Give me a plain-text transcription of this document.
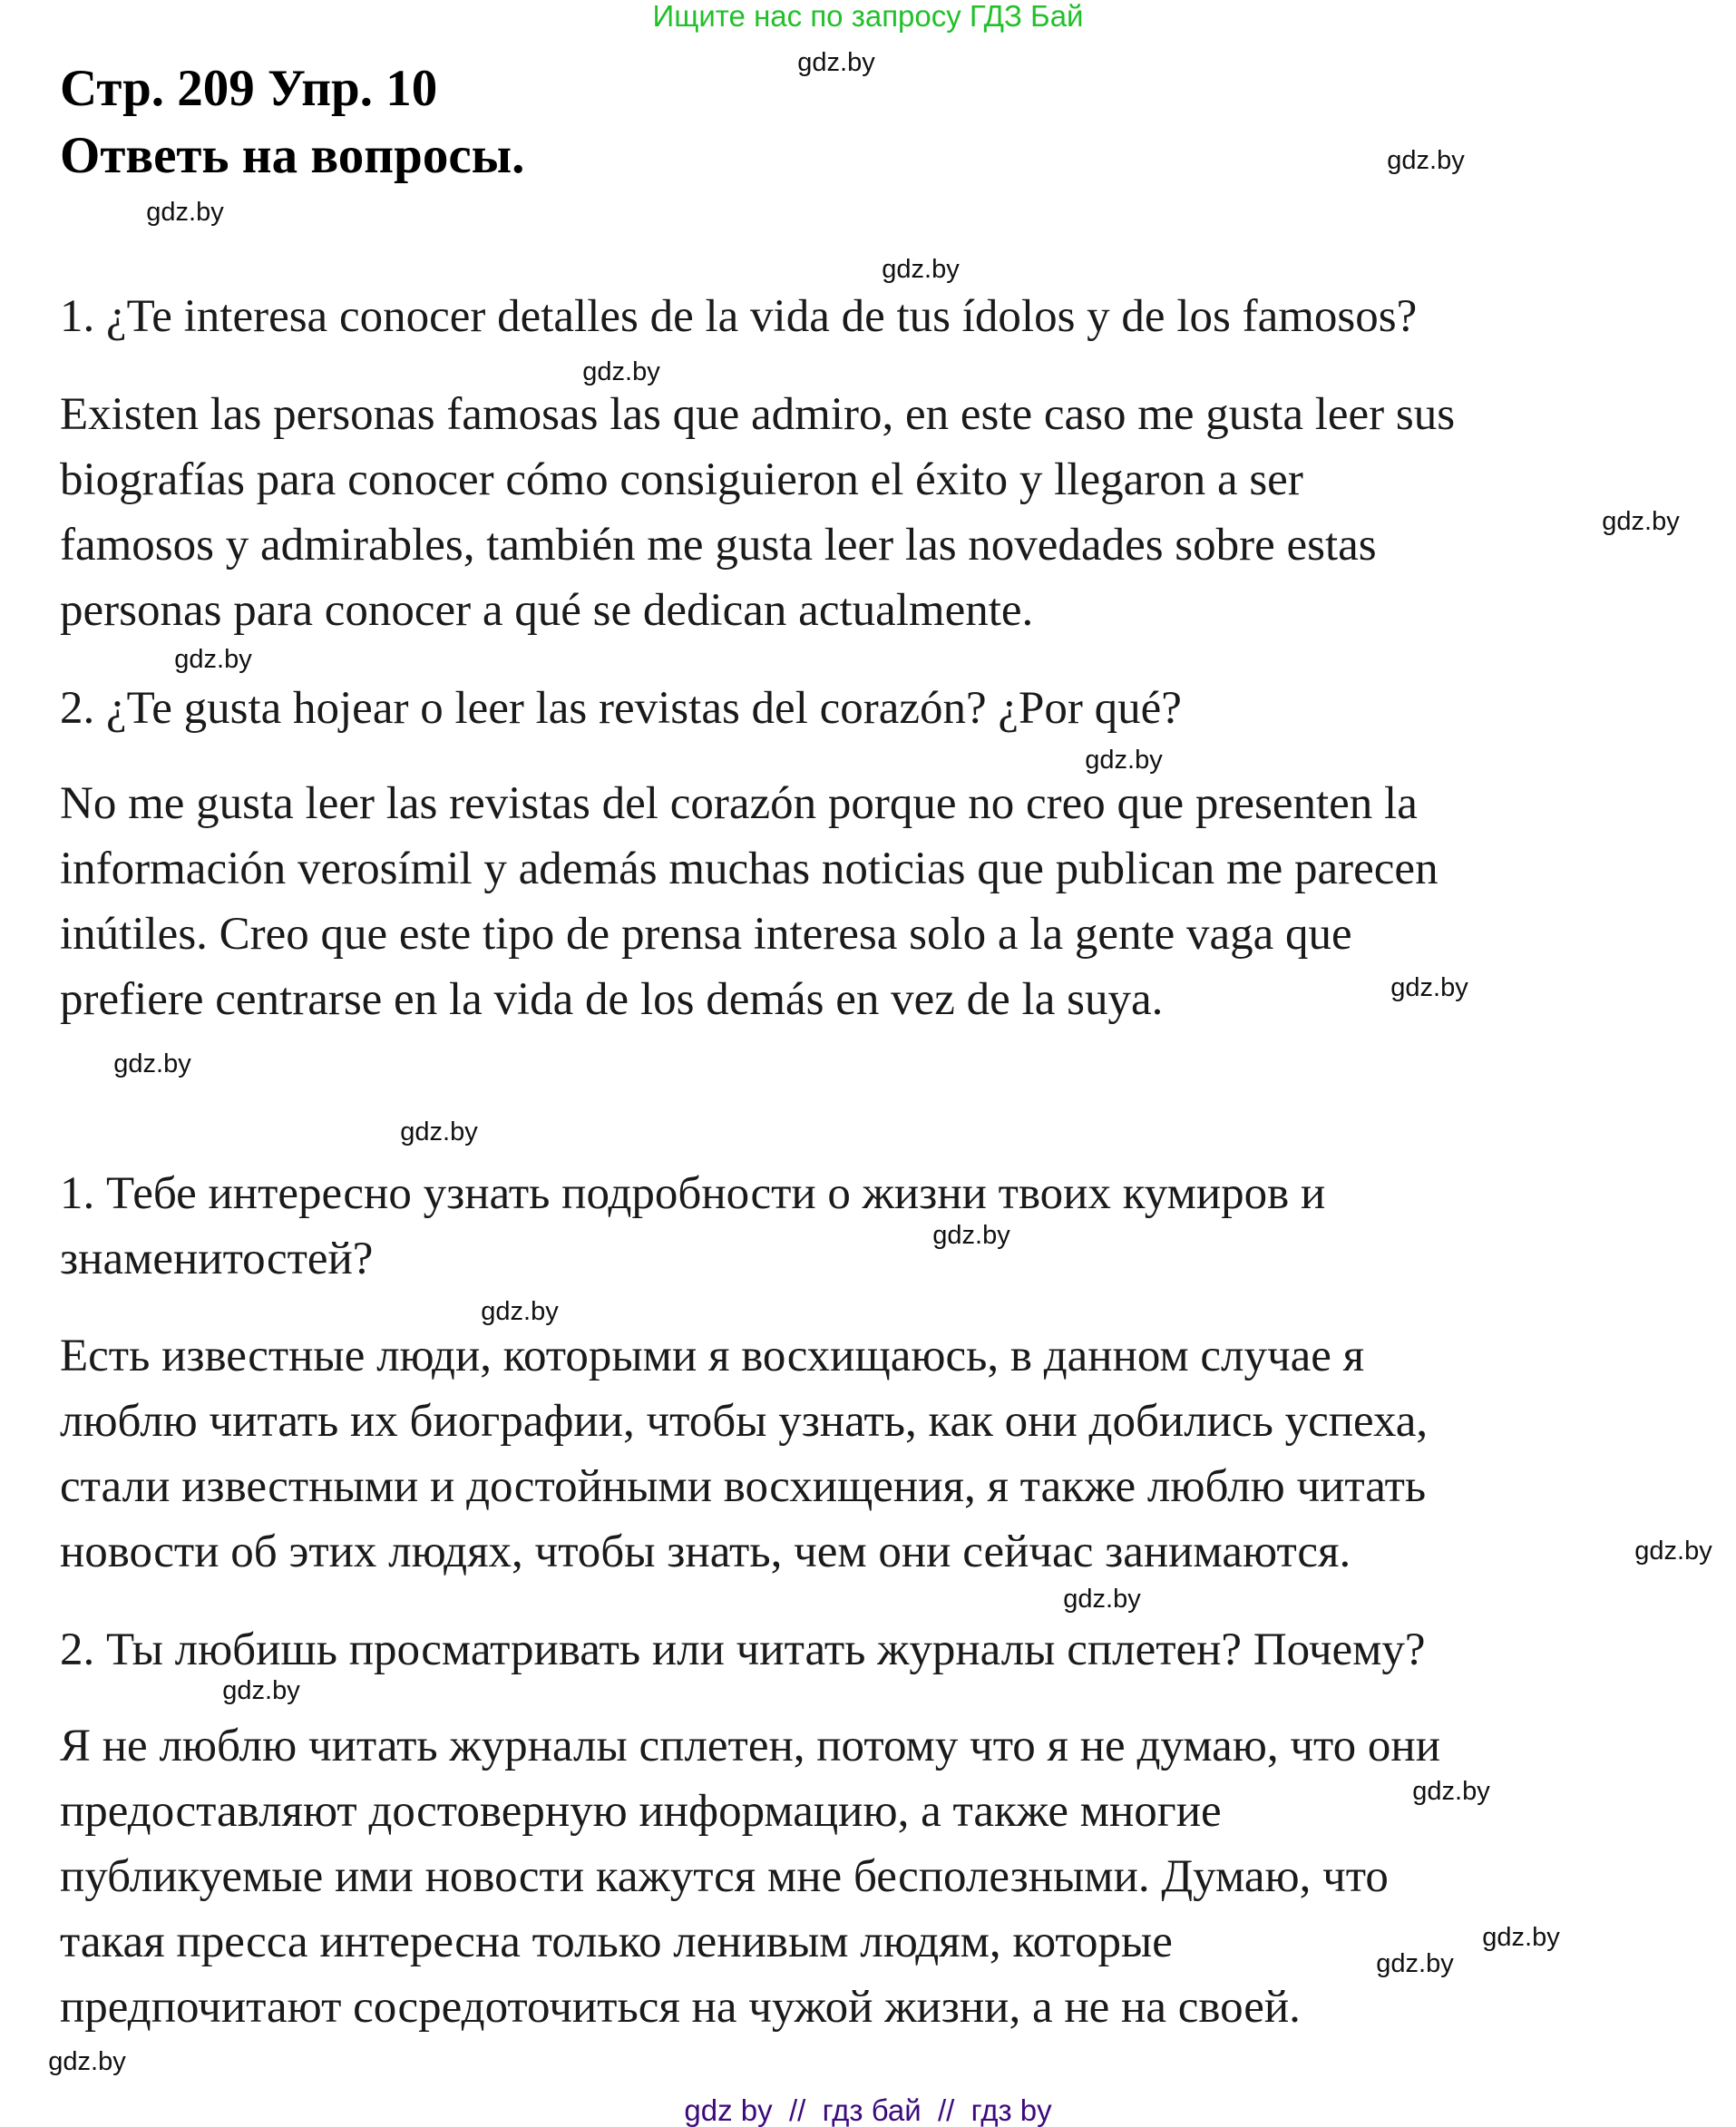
Ищите нас по запросу ГДЗ Бай
Стр. 209 Упр. 10
Ответь на вопросы.
1. ¿Te interesa conocer detalles de la vida de tus ídolos y de los famosos?
Existen las personas famosas las que admiro, en este caso me gusta leer sus
biografías para conocer cómo consiguieron el éxito y llegaron a ser
famosos y admirables, también me gusta leer las novedades sobre estas
personas para conocer a qué se dedican actualmente.
2. ¿Te gusta hojear o leer las revistas del corazón? ¿Por qué?
No me gusta leer las revistas del corazón porque no creo que presenten la
información verosímil y además muchas noticias que publican me parecen
inútiles. Creo que este tipo de prensa interesa solo a la gente vaga que
prefiere centrarse en la vida de los demás en vez de la suya.
1. Тебе интересно узнать подробности о жизни твоих кумиров и
знаменитостей?
Есть известные люди, которыми я восхищаюсь, в данном случае я
люблю читать их биографии, чтобы узнать, как они добились успеха,
стали известными и достойными восхищения, я также люблю читать
новости об этих людях, чтобы знать, чем они сейчас занимаются.
2. Ты любишь просматривать или читать журналы сплетен? Почему?
Я не люблю читать журналы сплетен, потому что я не думаю, что они
предоставляют достоверную информацию, а также многие
публикуемые ими новости кажутся мне бесполезными. Думаю, что
такая пресса интересна только ленивым людям, которые
предпочитают сосредоточиться на чужой жизни, а не на своей.
gdz.by
gdz.by
gdz.by
gdz.by
gdz.by
gdz.by
gdz.by
gdz.by
gdz.by
gdz.by
gdz.by
gdz.by
gdz.by
gdz.by
gdz.by
gdz.by
gdz.by
gdz.by
gdz.by
gdz.by
gdz by  //  гдз бай  //  гдз by
